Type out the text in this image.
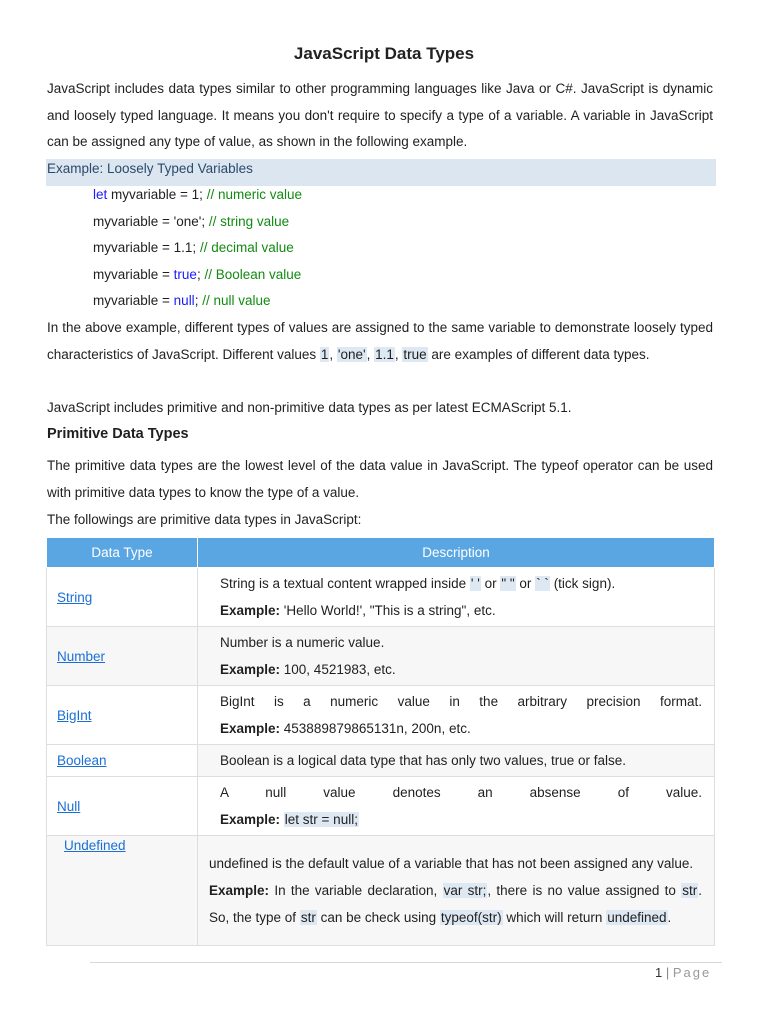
JavaScript Data Types

JavaScript includes data types similar to other programming languages like Java or C#. JavaScript is dynamic and loosely typed language. It means you don't require to specify a type of a variable. A variable in JavaScript can be assigned any type of value, as shown in the following example.

Example: Loosely Typed Variables
let myvariable = 1; // numeric value
myvariable = 'one'; // string value
myvariable = 1.1; // decimal value
myvariable = true; // Boolean value
myvariable = null; // null value

In the above example, different types of values are assigned to the same variable to demonstrate loosely typed characteristics of JavaScript. Different values 1, 'one', 1.1, true are examples of different data types.

JavaScript includes primitive and non-primitive data types as per latest ECMAScript 5.1.

Primitive Data Types

The primitive data types are the lowest level of the data value in JavaScript. The typeof operator can be used with primitive data types to know the type of a value.

The followings are primitive data types in JavaScript:

Data Type	Description
String	String is a textual content wrapped inside ' ' or " " or ` ` (tick sign).
Example: 'Hello World!', "This is a string", etc.

Number	Number is a numeric value.
Example: 100, 4521983, etc.

BigInt	BigInt is a numeric value in the arbitrary precision format.
Example: 453889879865131n, 200n, etc.

Boolean	Boolean is a logical data type that has only two values, true or false.

Null	A null value denotes an absense of value.
Example: let str = null;

Undefined	undefined is the default value of a variable that has not been assigned any value.
Example: In the variable declaration, var str;, there is no value assigned to str. So, the type of str can be check using typeof(str) which will return undefined.
1 | Page
